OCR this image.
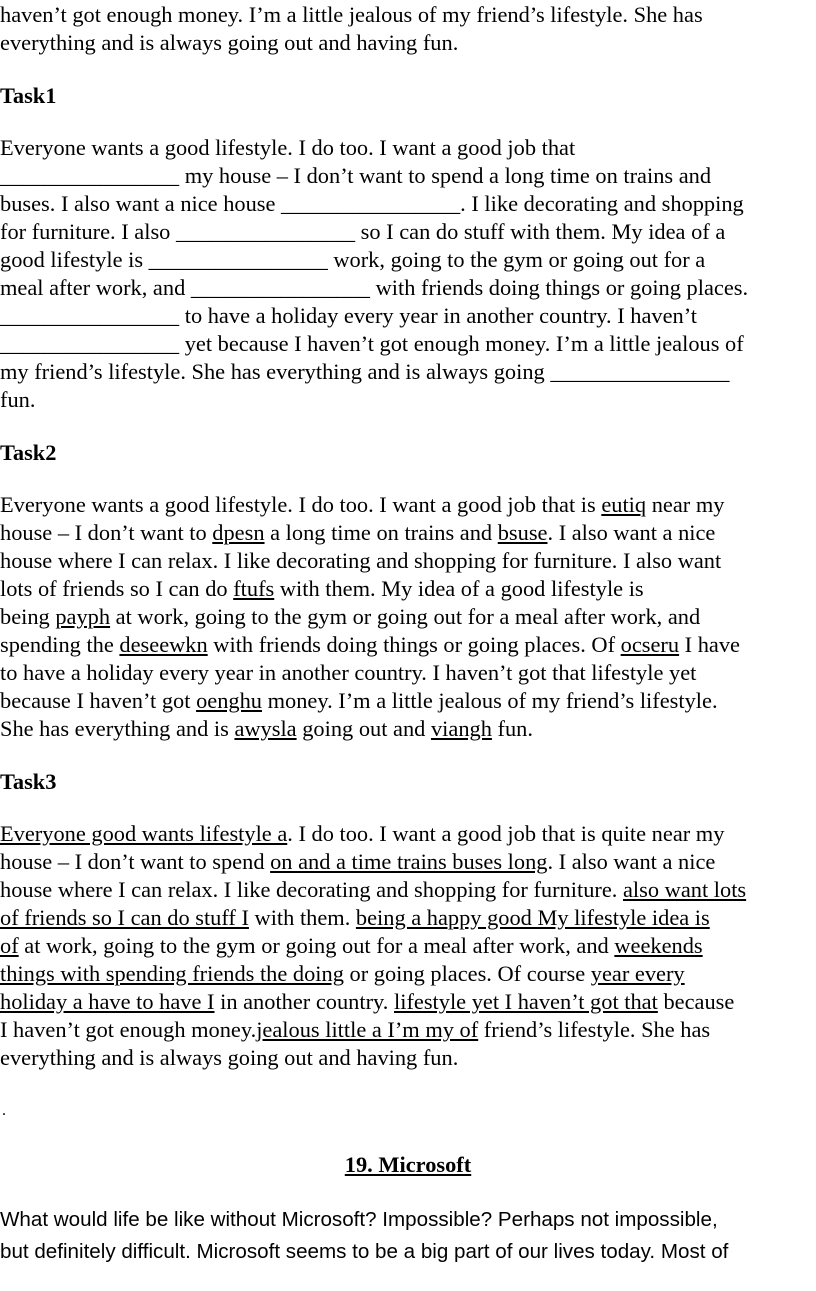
haven’t got enough money. I’m a little jealous of my friend’s lifestyle. She has
everything and is always going out and having fun.
Task1
Everyone wants a good lifestyle. I do too. I want a good job that
________________ my house – I don’t want to spend a long time on trains and
buses. I also want a nice house ________________. I like decorating and shopping
for furniture. I also ________________ so I can do stuff with them. My idea of a
good lifestyle is ________________ work, going to the gym or going out for a
meal after work, and ________________ with friends doing things or going places.
________________ to have a holiday every year in another country. I haven’t
________________ yet because I haven’t got enough money. I’m a little jealous of
my friend’s lifestyle. She has everything and is always going ________________
fun.
Task2
Everyone wants a good lifestyle. I do too. I want a good job that is eutiq near my
house – I don’t want to dpesn a long time on trains and bsuse. I also want a nice
house where I can relax. I like decorating and shopping for furniture. I also want
lots of friends so I can do ftufs with them. My idea of a good lifestyle is
being payph at work, going to the gym or going out for a meal after work, and
spending the deseewkn with friends doing things or going places. Of ocseru I have
to have a holiday every year in another country. I haven’t got that lifestyle yet
because I haven’t got oenghu money. I’m a little jealous of my friend’s lifestyle.
She has everything and is awysla going out and viangh fun.
Task3
Everyone good wants lifestyle a. I do too. I want a good job that is quite near my
house – I don’t want to spend on and a time trains buses long. I also want a nice
house where I can relax. I like decorating and shopping for furniture. also want lots
of friends so I can do stuff I with them. being a happy good My lifestyle idea is
of at work, going to the gym or going out for a meal after work, and weekends
things with spending friends the doing or going places. Of course year every
holiday a have to have I in another country. lifestyle yet I haven’t got that because
I haven’t got enough money.jealous little a I’m my of friend’s lifestyle. She has
everything and is always going out and having fun.
.
19. Microsoft
What would life be like without Microsoft? Impossible? Perhaps not impossible,
but definitely difficult. Microsoft seems to be a big part of our lives today. Most of
